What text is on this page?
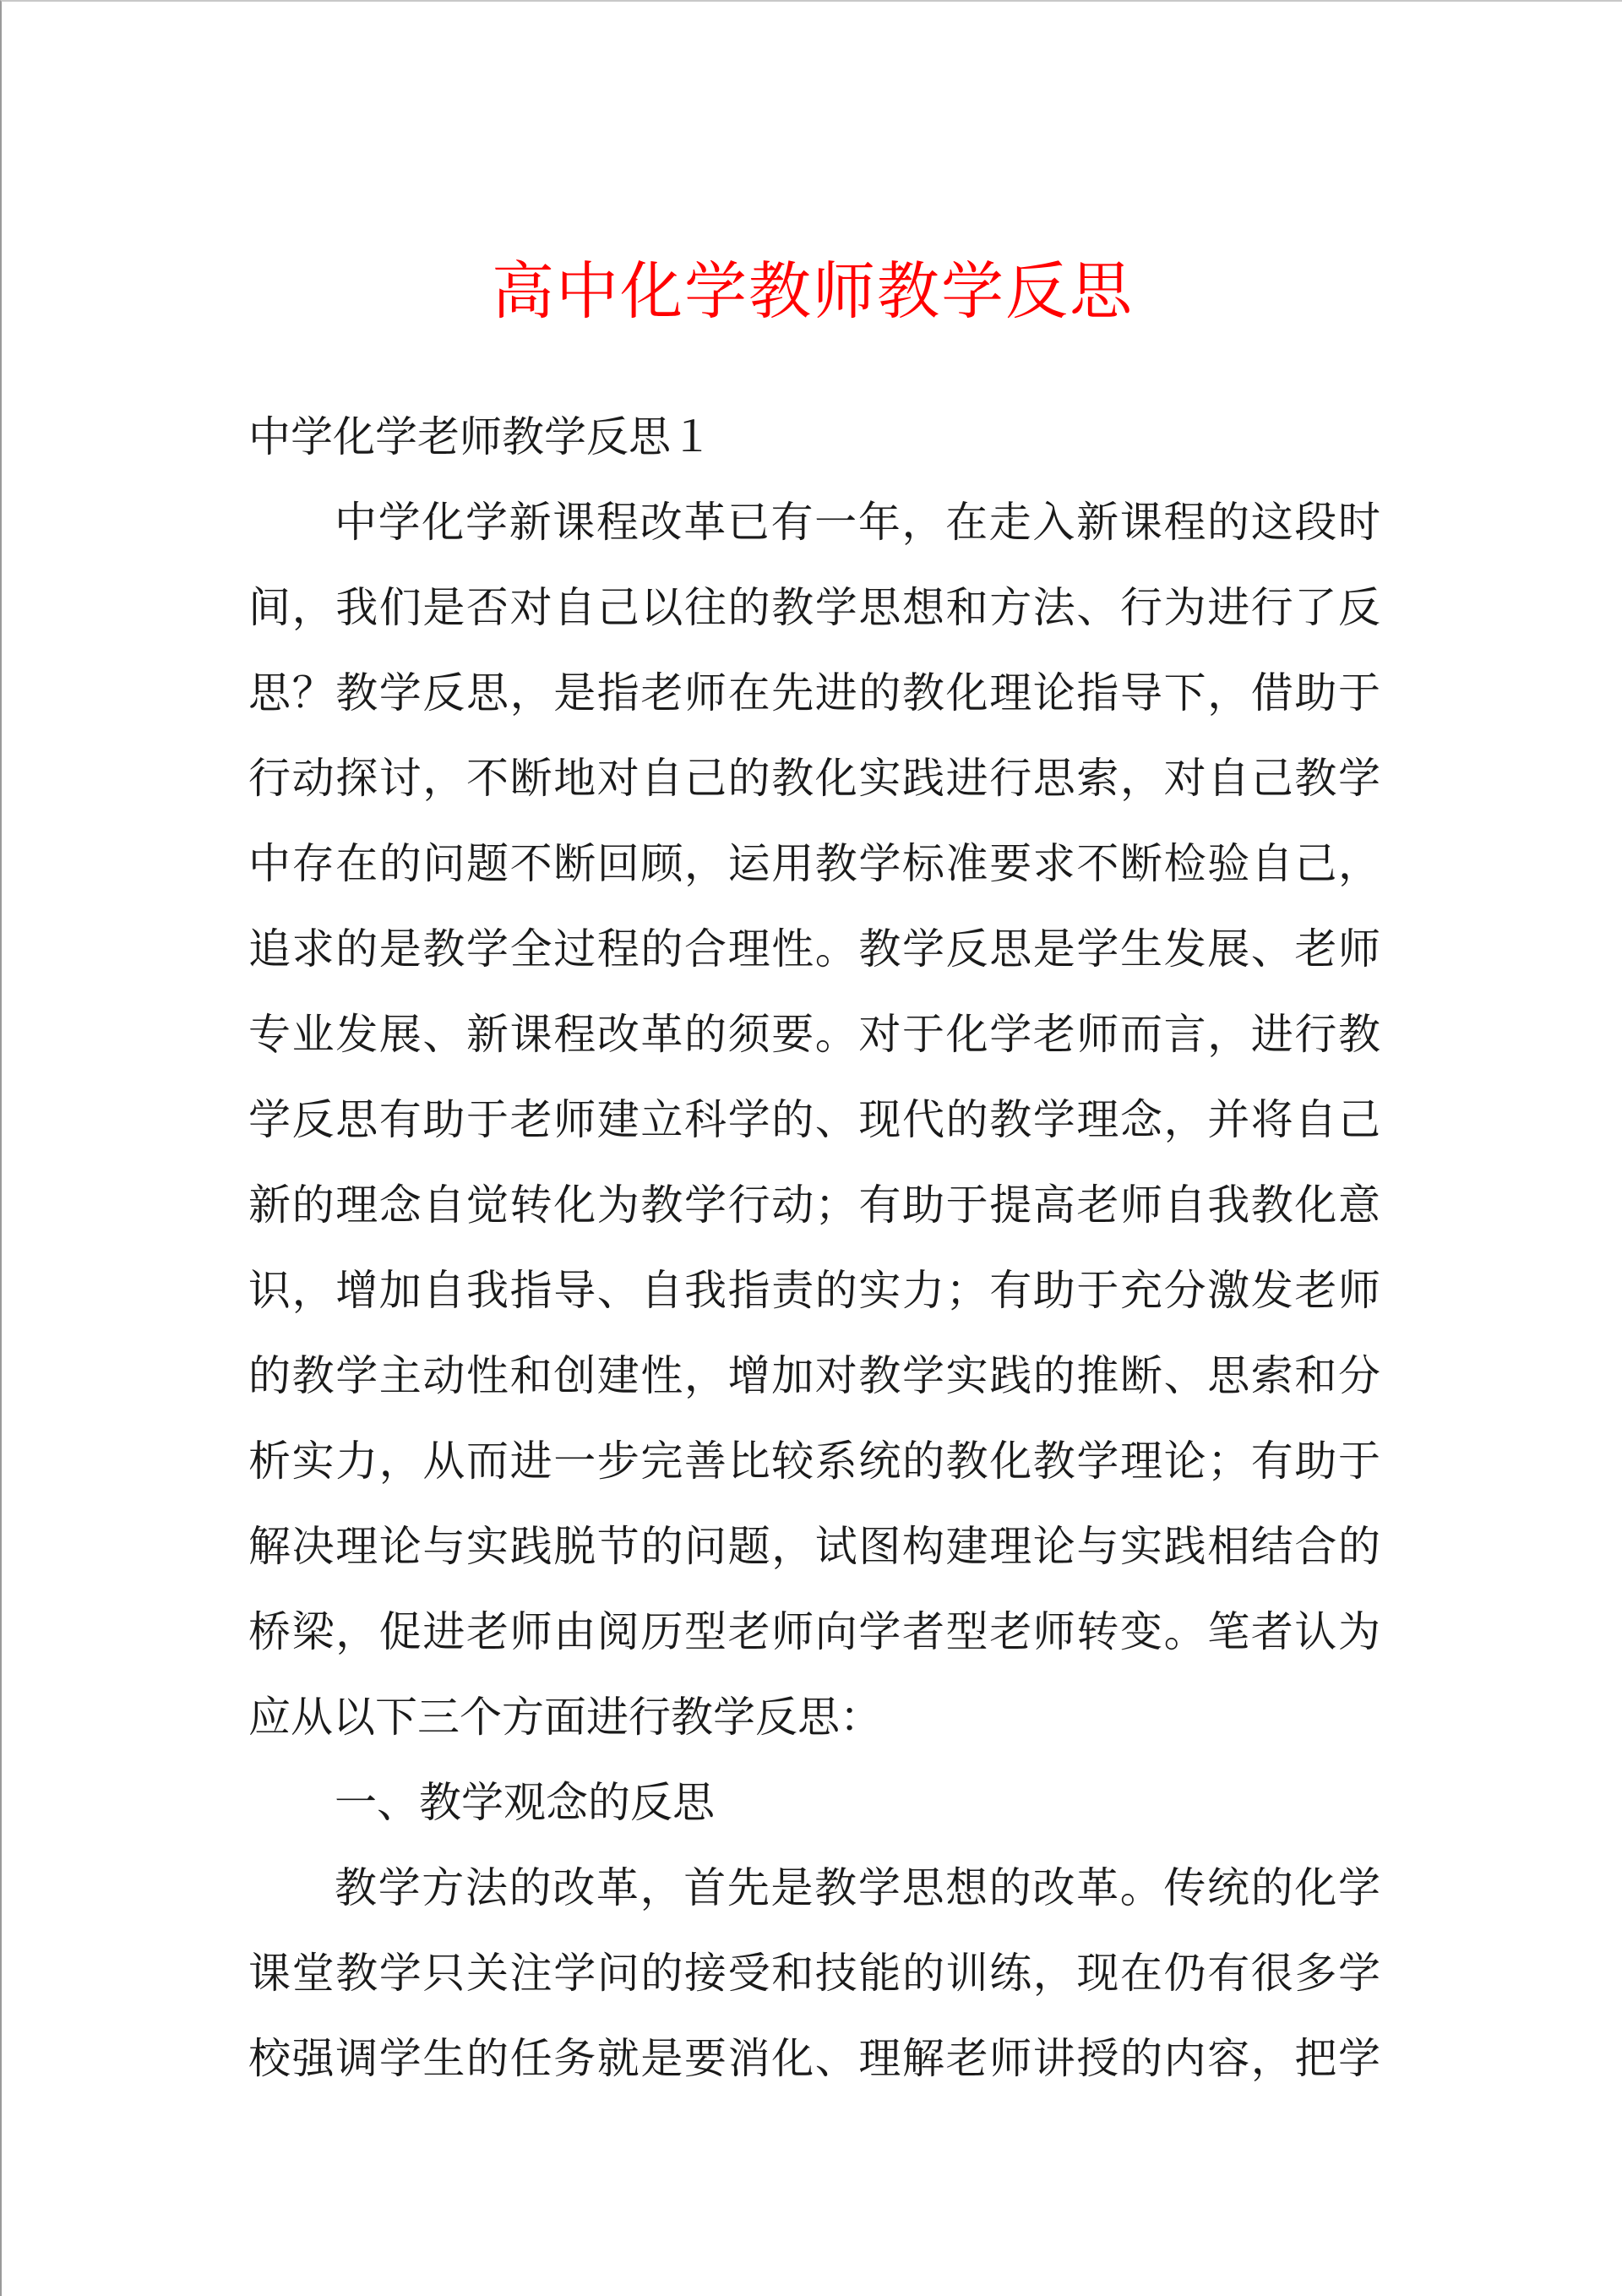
高中化学教师教学反思
中学化学老师教学反思１
中学化学新课程改革已有一年，在走入新课程的这段时
间，我们是否对自己以往的教学思想和方法、行为进行了反
思？教学反思，是指老师在先进的教化理论指导下，借助于
行动探讨，不断地对自己的教化实践进行思索，对自己教学
中存在的问题不断回顾，运用教学标准要求不断检验自己，
追求的是教学全过程的合理性。教学反思是学生发展、老师
专业发展、新课程改革的须要。对于化学老师而言，进行教
学反思有助于老师建立科学的、现代的教学理念，并将自己
新的理念自觉转化为教学行动；有助于提高老师自我教化意
识，增加自我指导、自我指责的实力；有助于充分激发老师
的教学主动性和创建性，增加对教学实践的推断、思索和分
析实力，从而进一步完善比较系统的教化教学理论；有助于
解决理论与实践脱节的问题，试图构建理论与实践相结合的
桥梁，促进老师由阅历型老师向学者型老师转变。笔者认为
应从以下三个方面进行教学反思：
一、教学观念的反思
教学方法的改革，首先是教学思想的改革。传统的化学
课堂教学只关注学问的接受和技能的训练，现在仍有很多学
校强调学生的任务就是要消化、理解老师讲授的内容，把学
